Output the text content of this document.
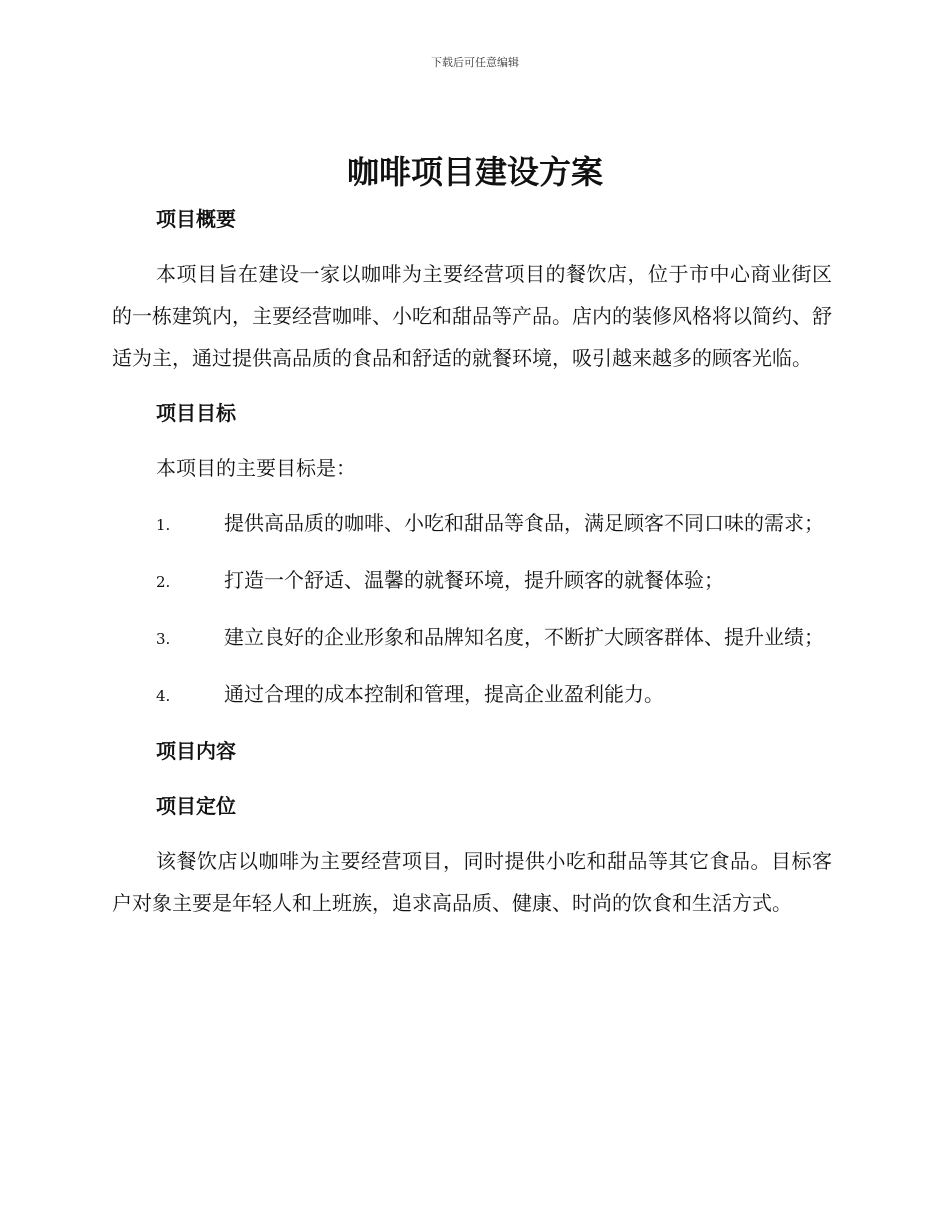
下载后可任意编辑
咖啡项目建设方案
项目概要

本项目旨在建设一家以咖啡为主要经营项目的餐饮店，位于市中心商业街区的一栋建筑内，主要经营咖啡、小吃和甜品等产品。店内的装修风格将以简约、舒适为主，通过提供高品质的食品和舒适的就餐环境，吸引越来越多的顾客光临。

项目目标

本项目的主要目标是：

1.	提供高品质的咖啡、小吃和甜品等食品，满足顾客不同口味的需求；
2.	打造一个舒适、温馨的就餐环境，提升顾客的就餐体验；
3.	建立良好的企业形象和品牌知名度，不断扩大顾客群体、提升业绩；
4.	通过合理的成本控制和管理，提高企业盈利能力。
项目内容
项目定位

该餐饮店以咖啡为主要经营项目，同时提供小吃和甜品等其它食品。目标客户对象主要是年轻人和上班族，追求高品质、健康、时尚的饮食和生活方式。
